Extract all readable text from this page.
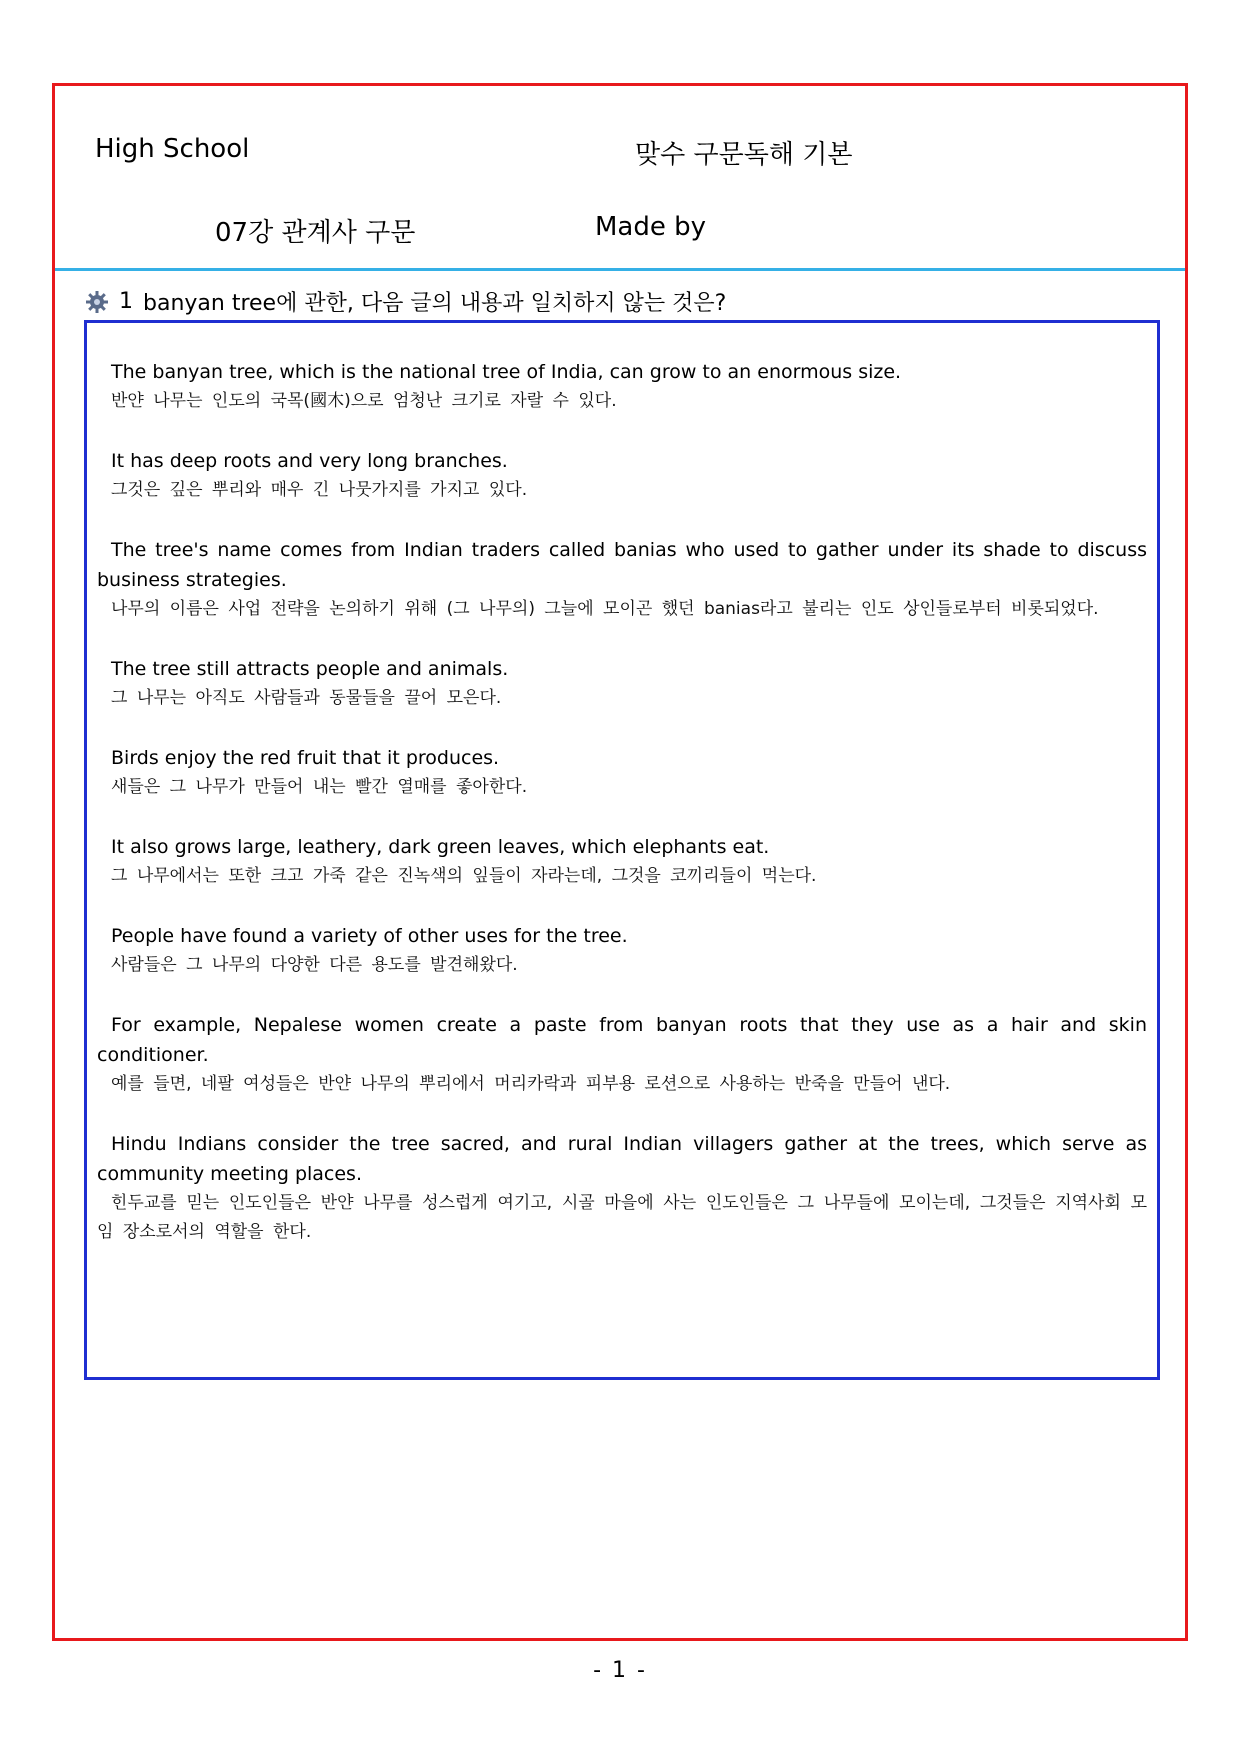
High School	맞수 구문독해 기본
07강 관계사 구문	Made by
1 banyan tree에 관한, 다음 글의 내용과 일치하지 않는 것은?
The banyan tree, which is the national tree of India, can grow to an enormous size.
반얀 나무는 인도의 국목(國木)으로 엄청난 크기로 자랄 수 있다.
It has deep roots and very long branches.
그것은 깊은 뿌리와 매우 긴 나뭇가지를 가지고 있다.
The tree's name comes from Indian traders called banias who used to gather under its shade to discuss business strategies.
나무의 이름은 사업 전략을 논의하기 위해 (그 나무의) 그늘에 모이곤 했던 banias라고 불리는 인도 상인들로부터 비롯되었다.
The tree still attracts people and animals.
그 나무는 아직도 사람들과 동물들을 끌어 모은다.
Birds enjoy the red fruit that it produces.
새들은 그 나무가 만들어 내는 빨간 열매를 좋아한다.
It also grows large, leathery, dark green leaves, which elephants eat.
그 나무에서는 또한 크고 가죽 같은 진녹색의 잎들이 자라는데, 그것을 코끼리들이 먹는다.
People have found a variety of other uses for the tree.
사람들은 그 나무의 다양한 다른 용도를 발견해왔다.
For example, Nepalese women create a paste from banyan roots that they use as a hair and skin conditioner.
예를 들면, 네팔 여성들은 반얀 나무의 뿌리에서 머리카락과 피부용 로션으로 사용하는 반죽을 만들어 낸다.
Hindu Indians consider the tree sacred, and rural Indian villagers gather at the trees, which serve as community meeting places.
힌두교를 믿는 인도인들은 반얀 나무를 성스럽게 여기고, 시골 마을에 사는 인도인들은 그 나무들에 모이는데, 그것들은 지역사회 모임 장소로서의 역할을 한다.
- 1 -
